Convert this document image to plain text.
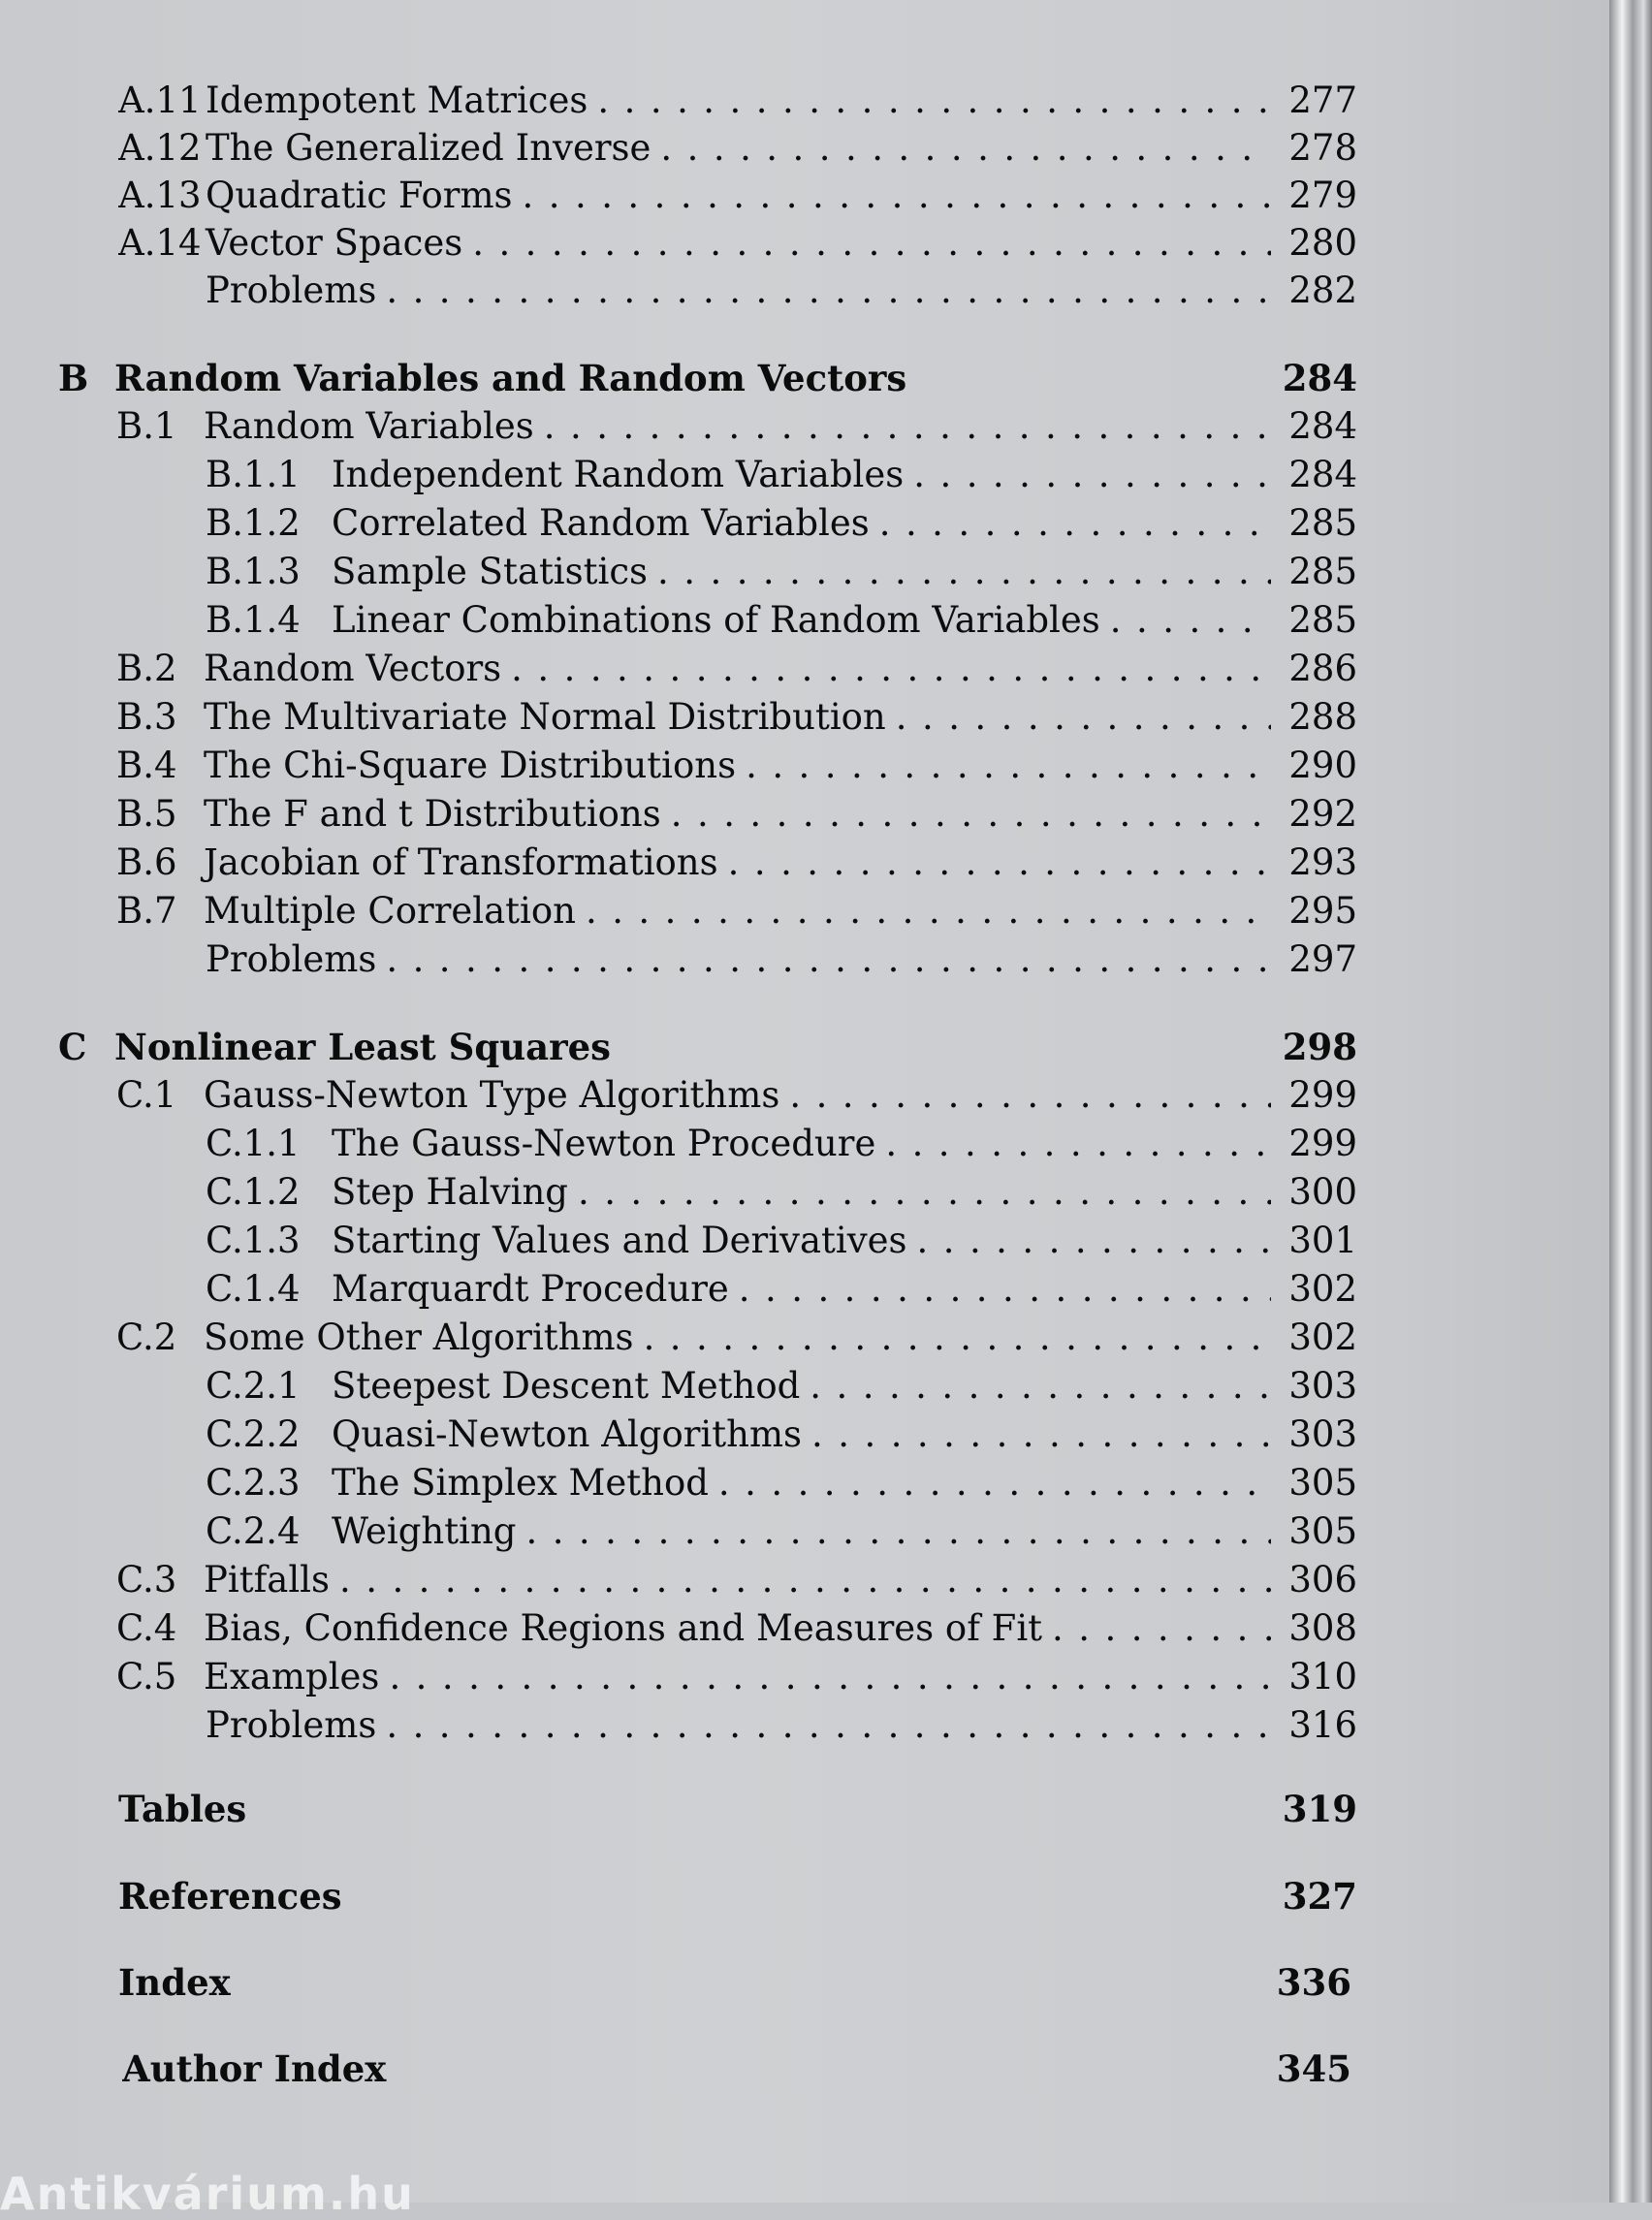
A.11 Idempotent Matrices . . .	277
A.12 The Generalized Inverse . . .	278
A.13 Quadratic Forms . . .	279
A.14 Vector Spaces . . .	280
Problems . . .	282
B Random Variables and Random Vectors	284
B.1 Random Variables . . .	284
B.1.1 Independent Random Variables . . .	284
B.1.2 Correlated Random Variables . . .	285
B.1.3 Sample Statistics . . .	285
B.1.4 Linear Combinations of Random Variables . . .	285
B.2 Random Vectors . . .	286
B.3 The Multivariate Normal Distribution . . .	288
B.4 The Chi-Square Distributions . . .	290
B.5 The F and t Distributions . . .	292
B.6 Jacobian of Transformations . . .	293
B.7 Multiple Correlation . . .	295
Problems . . .	297
C Nonlinear Least Squares	298
C.1 Gauss-Newton Type Algorithms . . .	299
C.1.1 The Gauss-Newton Procedure . . .	299
C.1.2 Step Halving . . .	300
C.1.3 Starting Values and Derivatives . . .	301
C.1.4 Marquardt Procedure . . .	302
C.2 Some Other Algorithms . . .	302
C.2.1 Steepest Descent Method . . .	303
C.2.2 Quasi-Newton Algorithms . . .	303
C.2.3 The Simplex Method . . .	305
C.2.4 Weighting . . .	305
C.3 Pitfalls . . .	306
C.4 Bias, Confidence Regions and Measures of Fit . . .	308
C.5 Examples . . .	310
Problems . . .	316
Tables	319
References	327
Index	336
Author Index	345
Antikvárium.hu
